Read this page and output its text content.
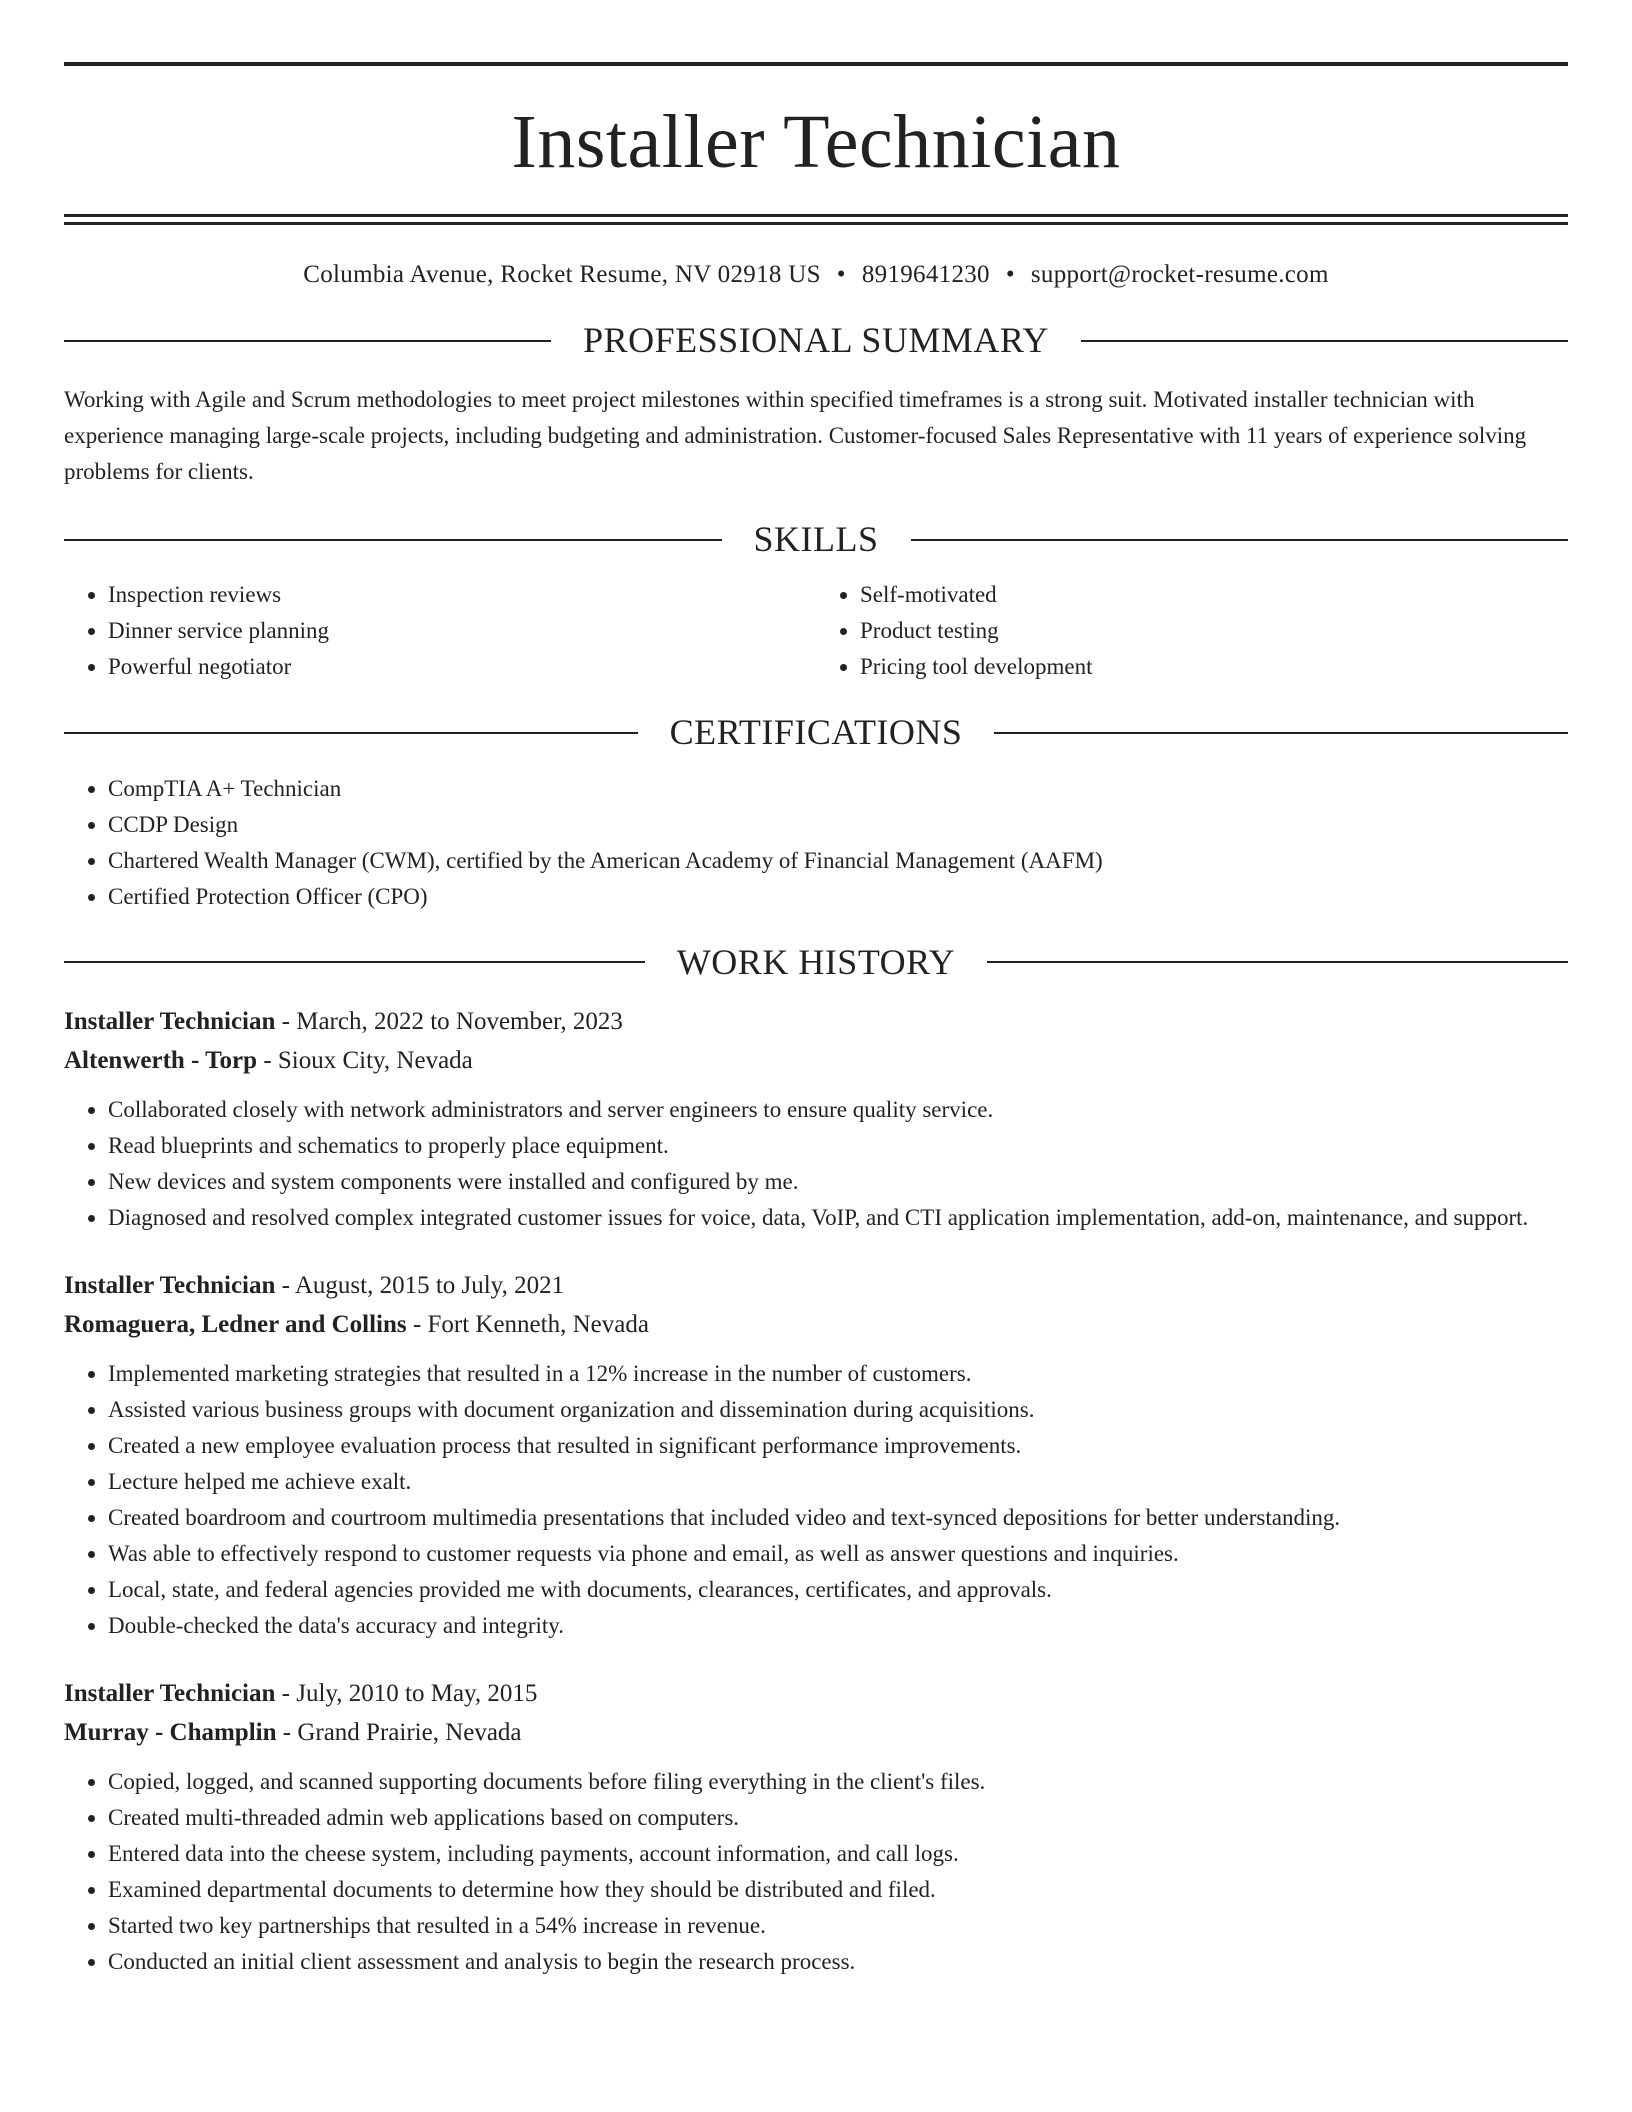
Installer Technician
Columbia Avenue, Rocket Resume, NV 02918 US • 8919641230 • support@rocket-resume.com
PROFESSIONAL SUMMARY

Working with Agile and Scrum methodologies to meet project milestones within specified timeframes is a strong suit. Motivated installer technician with experience managing large-scale projects, including budgeting and administration. Customer-focused Sales Representative with 11 years of experience solving problems for clients.

SKILLS
• Inspection reviews
• Dinner service planning
• Powerful negotiator
• Self-motivated
• Product testing
• Pricing tool development
CERTIFICATIONS
• CompTIA A+ Technician
• CCDP Design
• Chartered Wealth Manager (CWM), certified by the American Academy of Financial Management (AAFM)
• Certified Protection Officer (CPO)
WORK HISTORY
Installer Technician - March, 2022 to November, 2023
Altenwerth - Torp - Sioux City, Nevada
• Collaborated closely with network administrators and server engineers to ensure quality service.
• Read blueprints and schematics to properly place equipment.
• New devices and system components were installed and configured by me.
• Diagnosed and resolved complex integrated customer issues for voice, data, VoIP, and CTI application implementation, add-on, maintenance, and support.
Installer Technician - August, 2015 to July, 2021
Romaguera, Ledner and Collins - Fort Kenneth, Nevada
• Implemented marketing strategies that resulted in a 12% increase in the number of customers.
• Assisted various business groups with document organization and dissemination during acquisitions.
• Created a new employee evaluation process that resulted in significant performance improvements.
• Lecture helped me achieve exalt.
• Created boardroom and courtroom multimedia presentations that included video and text-synced depositions for better understanding.
• Was able to effectively respond to customer requests via phone and email, as well as answer questions and inquiries.
• Local, state, and federal agencies provided me with documents, clearances, certificates, and approvals.
• Double-checked the data's accuracy and integrity.
Installer Technician - July, 2010 to May, 2015
Murray - Champlin - Grand Prairie, Nevada
• Copied, logged, and scanned supporting documents before filing everything in the client's files.
• Created multi-threaded admin web applications based on computers.
• Entered data into the cheese system, including payments, account information, and call logs.
• Examined departmental documents to determine how they should be distributed and filed.
• Started two key partnerships that resulted in a 54% increase in revenue.
• Conducted an initial client assessment and analysis to begin the research process.
